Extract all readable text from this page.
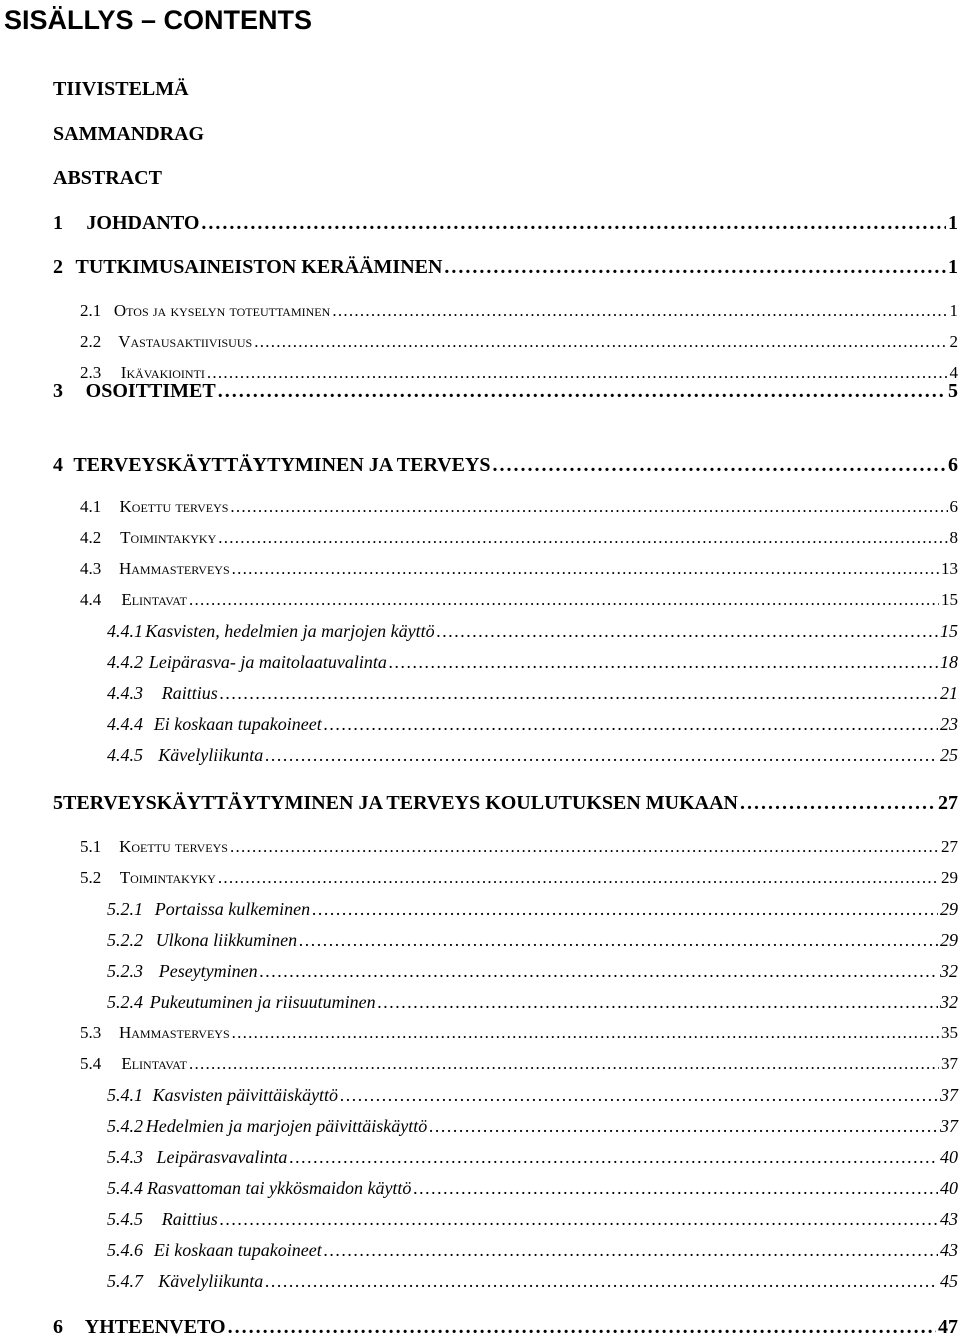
SISÄLLYS – CONTENTS
TIIVISTELMÄ
SAMMANDRAG
ABSTRACT
1	JOHDANTO . . .	1
2 TUTKIMUSAINEISTON KERÄÄMINEN . . .	1
2.1 Otos ja kyselyn toteuttaminen . . .	1
2.2 Vastausaktiivisuus . . .	2
2.3	Ikävakiointi . . .	4
3	OSOITTIMET . . .	5
4 TERVEYSKÄYTTÄYTYMINEN JA TERVEYS . . .	6
4.1	Koettu terveys . . .	6
4.2	Toimintakyky . . .	8
4.3	Hammasterveys . . .	13
4.4	Elintavat . . .	15
4.4.1 Kasvisten, hedelmien ja marjojen käyttö . . .	15
4.4.2 Leipärasva- ja maitolaatuvalinta . . .	18
4.4.3	Raittius . . .	21
4.4.4 Ei koskaan tupakoineet . . .	23
4.4.5 Kävelyliikunta . . .	25
5 TERVEYSKÄYTTÄYTYMINEN JA TERVEYS KOULUTUKSEN MUKAAN . . .	27
5.1	Koettu terveys . . .	27
5.2	Toimintakyky . . .	29
5.2.1 Portaissa kulkeminen . . .	29
5.2.2 Ulkona liikkuminen . . .	29
5.2.3 Peseytyminen . . .	32
5.2.4 Pukeutuminen ja riisuutuminen . . .	32
5.3	Hammasterveys . . .	35
5.4	Elintavat . . .	37
5.4.1 Kasvisten päivittäiskäyttö . . .	37
5.4.2 Hedelmien ja marjojen päivittäiskäyttö . . .	37
5.4.3 Leipärasvavalinta . . .	40
5.4.4 Rasvattoman tai ykkösmaidon käyttö . . .	40
5.4.5	Raittius . . .	43
5.4.6 Ei koskaan tupakoineet . . .	43
5.4.7 Kävelyliikunta . . .	45
6	YHTEENVETO . . .	47
